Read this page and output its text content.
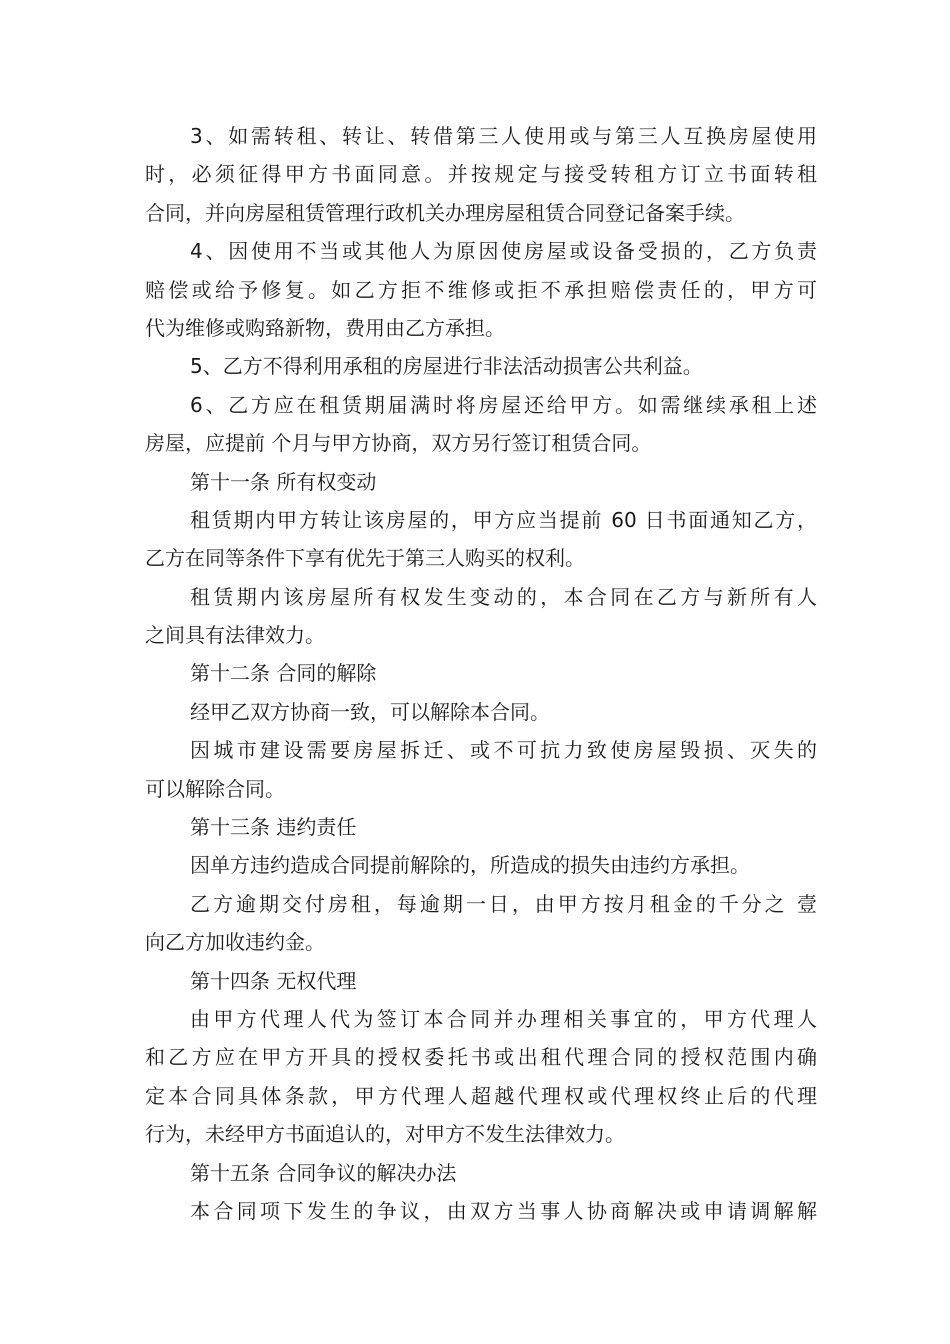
3、如需转租、转让、转借第三人使用或与第三人互换房屋使用
时，必须征得甲方书面同意。并按规定与接受转租方订立书面转租
合同，并向房屋租赁管理行政机关办理房屋租赁合同登记备案手续。
4、因使用不当或其他人为原因使房屋或设备受损的，乙方负责
赔偿或给予修复。如乙方拒不维修或拒不承担赔偿责任的，甲方可
代为维修或购臵新物，费用由乙方承担。
5、乙方不得利用承租的房屋进行非法活动损害公共利益。
6、乙方应在租赁期届满时将房屋还给甲方。如需继续承租上述
房屋，应提前 个月与甲方协商，双方另行签订租赁合同。
第十一条 所有权变动
租赁期内甲方转让该房屋的，甲方应当提前 60 日书面通知乙方，
乙方在同等条件下享有优先于第三人购买的权利。
租赁期内该房屋所有权发生变动的，本合同在乙方与新所有人
之间具有法律效力。
第十二条 合同的解除
经甲乙双方协商一致，可以解除本合同。
因城市建设需要房屋拆迁、或不可抗力致使房屋毁损、灭失的
可以解除合同。
第十三条 违约责任
因单方违约造成合同提前解除的，所造成的损失由违约方承担。
乙方逾期交付房租，每逾期一日，由甲方按月租金的千分之 壹
向乙方加收违约金。
第十四条 无权代理
由甲方代理人代为签订本合同并办理相关事宜的，甲方代理人
和乙方应在甲方开具的授权委托书或出租代理合同的授权范围内确
定本合同具体条款，甲方代理人超越代理权或代理权终止后的代理
行为，未经甲方书面追认的，对甲方不发生法律效力。
第十五条 合同争议的解决办法
本合同项下发生的争议，由双方当事人协商解决或申请调解解
